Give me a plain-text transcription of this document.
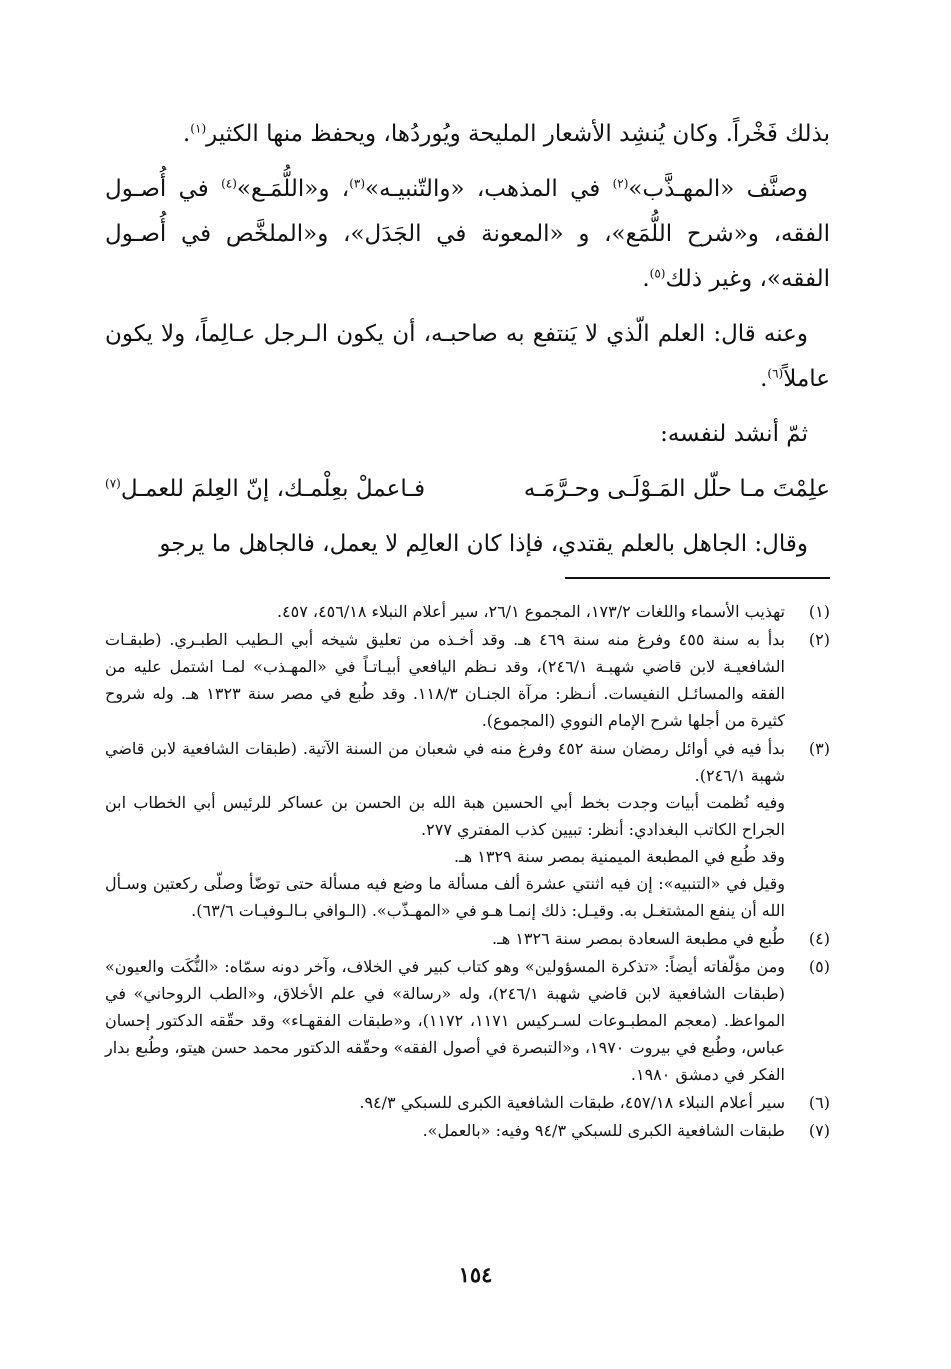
بذلك فَخْراً. وكان يُنشِد الأشعار المليحة ويُوردُها، ويحفظ منها الكثير$^{(١)}$.

وصنَّف «المهـذَّب»$^{(٢)}$ في المذهب، «والتّنبيـه»$^{(٣)}$، و«اللُّمَـع»$^{(٤)}$ في أُصـول الفقه، و«شرح اللُّمَع»، و «المعونة في الجَدَل»، و«الملخَّص في أُصـول الفقه»، وغير ذلك$^{(٥)}$.

وعنه قال: العلم الّذي لا يَنتفع به صاحبـه، أن يكون الـرجل عـالِماً، ولا يكون عاملاً$^{(٦)}$.

ثمّ أنشد لنفسه:

علِمْتَ مـا حلّل المَـوْلَـى وحـرَّمَـه
فـاعملْ بعِلْمـك، إنّ العِلمَ للعمـل$^{(٧)}$

وقال: الجاهل بالعلم يقتدي، فإذا كان العالِم لا يعمل، فالجاهل ما يرجو

(١)
تهذيب الأسماء واللغات ١٧٣/٢، المجموع ٢٦/١، سير أعلام النبلاء ٤٥٦/١٨، ٤٥٧.
(٢)
بدأ به سنة ٤٥٥ وفرغ منه سنة ٤٦٩ هـ. وقد أخـذه من تعليق شيخه أبي الـطيب الطبـري. (طبقـات الشافعيـة لابن قاضي شهبـة ٢٤٦/١)، وقد نـظم اليافعي أبيـاتـاً في «المهـذب» لمـا اشتمل عليه من الفقه والمسائـل النفيسات. أنـظر: مرآة الجنـان ١١٨/٣. وقد طُبع في مصر سنة ١٣٢٣ هـ. وله شروح كثيرة من أجلها شرح الإمام النووي (المجموع).
(٣)
بدأ فيه في أوائل رمضان سنة ٤٥٢ وفرغ منه في شعبان من السنة الآتية. (طبقات الشافعية لابن قاضي شهبة ٢٤٦/١).
وفيه نُظمت أبيات وجدت بخط أبي الحسين هبة الله بن الحسن بن عساكر للرئيس أبي الخطاب ابن الجراح الكاتب البغدادي: أنظر: تبيين كذب المفتري ٢٧٧.
وقد طُبع في المطبعة الميمنية بمصر سنة ١٣٢٩ هـ.
وقيل في «التنبيه»: إن فيه اثنتي عشرة ألف مسألة ما وضع فيه مسألة حتى توضّأ وصلّى ركعتين وسـأل الله أن ينفع المشتغـل به. وقيـل: ذلك إنمـا هـو في «المهـذّب». (الـوافي بـالـوفيـات ٦٣/٦).
(٤)
طُبع في مطبعة السعادة بمصر سنة ١٣٢٦ هـ.
(٥)
ومن مؤلّفاته أيضاً: «تذكرة المسؤولين» وهو كتاب كبير في الخلاف، وآخر دونه سمّاه: «النُّكَت والعيون» (طبقات الشافعية لابن قاضي شهبة ٢٤٦/١)، وله «رسالة» في علم الأخلاق، و«الطب الروحاني» في المواعظ. (معجم المطبـوعات لسـركيس ١١٧١، ١١٧٢)، و«طبقات الفقهـاء» وقد حقّقه الدكتور إحسان عباس، وطُبع في بيروت ١٩٧٠، و«التبصرة في أصول الفقه» وحقّقه الدكتور محمد حسن هيتو، وطُبع بدار الفكر في دمشق ١٩٨٠.
(٦)
سير أعلام النبلاء ٤٥٧/١٨، طبقات الشافعية الكبرى للسبكي ٩٤/٣.
(٧)
طبقات الشافعية الكبرى للسبكي ٩٤/٣ وفيه: «بالعمل».
١٥٤
